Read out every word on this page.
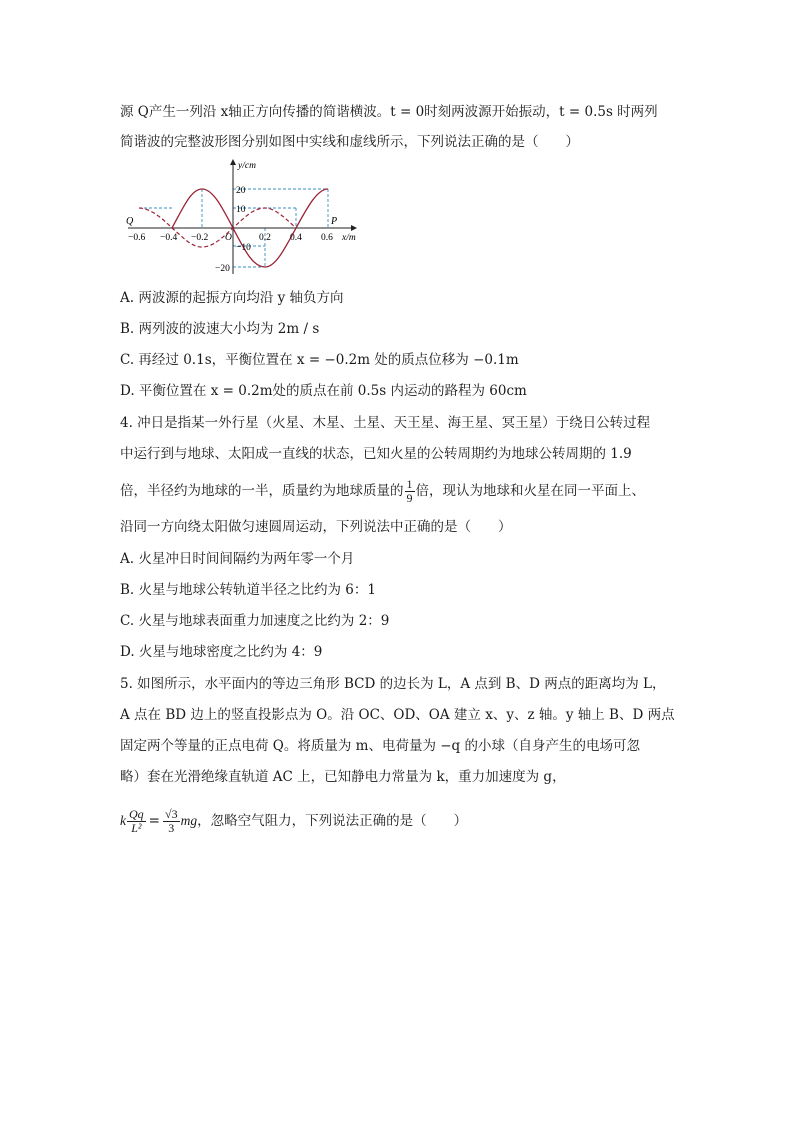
源 Q产生一列沿 x轴正方向传播的简谐横波。t = 0时刻两波源开始振动，t = 0.5s 时两列
简谐波的完整波形图分别如图中实线和虚线所示，下列说法正确的是（　　）
y/cm
x/m
Q	P
O
−0.6 −0.4 −0.2	0.2 0.4 0.6
20
10
−10
−20
A. 两波源的起振方向均沿 y 轴负方向
B. 两列波的波速大小均为 2m / s
C. 再经过 0.1s，平衡位置在 x = −0.2m 处的质点位移为 −0.1m
D. 平衡位置在 x = 0.2m处的质点在前 0.5s 内运动的路程为 60cm
4. 冲日是指某一外行星（火星、木星、土星、天王星、海王星、冥王星）于绕日公转过程
中运行到与地球、太阳成一直线的状态，已知火星的公转周期约为地球公转周期的 1.9
倍，半径约为地球的一半，质量约为地球质量的 $\frac{1}{9}$ 倍，现认为地球和火星在同一平面上、
沿同一方向绕太阳做匀速圆周运动，下列说法中正确的是（　　）
A. 火星冲日时间间隔约为两年零一个月
B. 火星与地球公转轨道半径之比约为 6：1
C. 火星与地球表面重力加速度之比约为 2：9
D. 火星与地球密度之比约为 4：9
5. 如图所示，水平面内的等边三角形 BCD 的边长为 L，A 点到 B、D 两点的距离均为 L，
A 点在 BD 边上的竖直投影点为 O。沿 OC、OD、OA 建立 x、y、z 轴。y 轴上 B、D 两点
固定两个等量的正点电荷 Q。将质量为 m、电荷量为 −q 的小球（自身产生的电场可忽
略）套在光滑绝缘直轨道 AC 上，已知静电力常量为 k，重力加速度为 g，
k $\frac{Qq}{\text{L²}} = \frac{√3}{3}$ mg，忽略空气阻力，下列说法正确的是（　　）
